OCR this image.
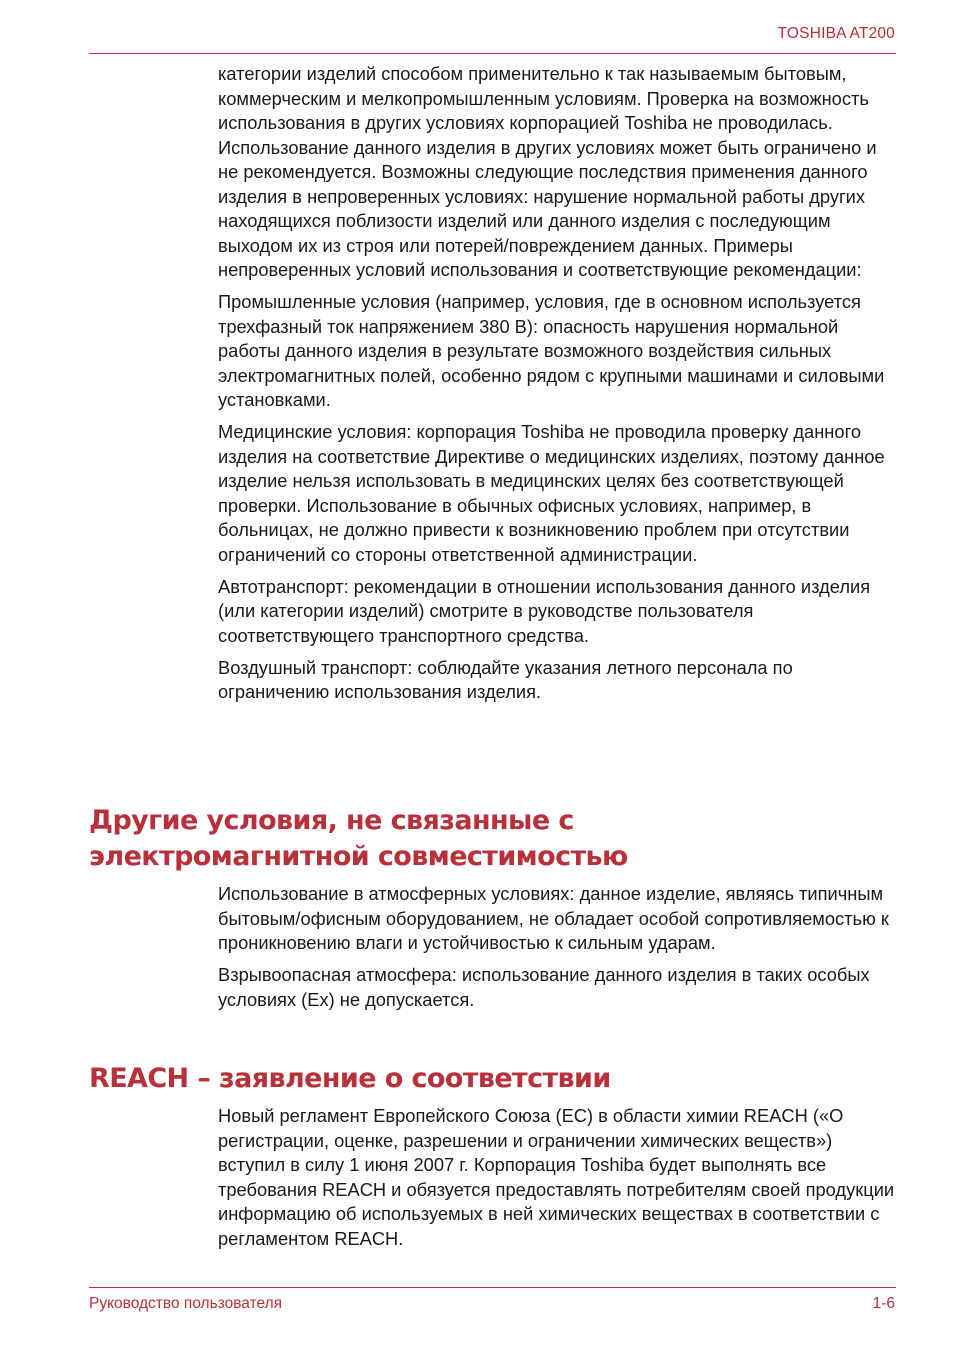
TOSHIBA AT200

категории изделий способом применительно к так называемым бытовым, коммерческим и мелкопромышленным условиям. Проверка на возможность использования в других условиях корпорацией Toshiba не проводилась. Использование данного изделия в других условиях может быть ограничено и не рекомендуется. Возможны следующие последствия применения данного изделия в непроверенных условиях: нарушение нормальной работы других находящихся поблизости изделий или данного изделия с последующим выходом их из строя или потерей/повреждением данных. Примеры непроверенных условий использования и соответствующие рекомендации:

Промышленные условия (например, условия, где в основном используется трехфазный ток напряжением 380 В): опасность нарушения нормальной работы данного изделия в результате возможного воздействия сильных электромагнитных полей, особенно рядом с крупными машинами и силовыми установками.

Медицинские условия: корпорация Toshiba не проводила проверку данного изделия на соответствие Директиве о медицинских изделиях, поэтому данное изделие нельзя использовать в медицинских целях без соответствующей проверки. Использование в обычных офисных условиях, например, в больницах, не должно привести к возникновению проблем при отсутствии ограничений со стороны ответственной администрации.

Автотранспорт: рекомендации в отношении использования данного изделия (или категории изделий) смотрите в руководстве пользователя соответствующего транспортного средства.

Воздушный транспорт: соблюдайте указания летного персонала по ограничению использования изделия.

Другие условия, не связанные с
электромагнитной совместимостью

Использование в атмосферных условиях: данное изделие, являясь типичным бытовым/офисным оборудованием, не обладает особой сопротивляемостью к проникновению влаги и устойчивостью к сильным ударам.

Взрывоопасная атмосфера: использование данного изделия в таких особых условиях (Ex) не допускается.

REACH – заявление о соответствии

Новый регламент Европейского Союза (ЕС) в области химии REACH («О регистрации, оценке, разрешении и ограничении химических веществ») вступил в силу 1 июня 2007 г. Корпорация Toshiba будет выполнять все требования REACH и обязуется предоставлять потребителям своей продукции информацию об используемых в ней химических веществах в соответствии с регламентом REACH.

Руководство пользователя	1-6
